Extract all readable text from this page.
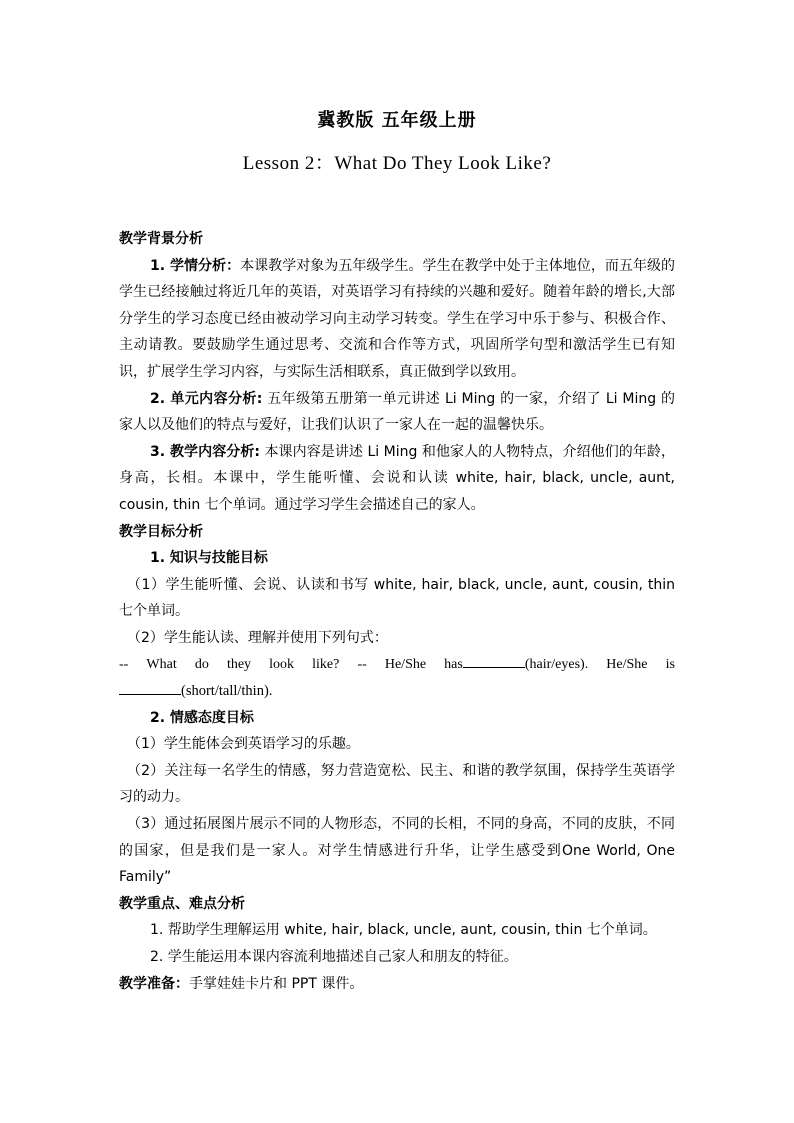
冀教版 五年级上册
Lesson 2：What Do They Look Like?

教学背景分析

1. 学情分析：本课教学对象为五年级学生。学生在教学中处于主体地位，而五年级的学生已经接触过将近几年的英语，对英语学习有持续的兴趣和爱好。随着年龄的增长,大部分学生的学习态度已经由被动学习向主动学习转变。学生在学习中乐于参与、积极合作、主动请教。要鼓励学生通过思考、交流和合作等方式，巩固所学句型和激活学生已有知识，扩展学生学习内容，与实际生活相联系，真正做到学以致用。

2. 单元内容分析: 五年级第五册第一单元讲述 Li Ming 的一家，介绍了 Li Ming 的家人以及他们的特点与爱好，让我们认识了一家人在一起的温馨快乐。

3. 教学内容分析: 本课内容是讲述 Li Ming 和他家人的人物特点，介绍他们的年龄，身高，长相。本课中，学生能听懂、会说和认读 white, hair, black, uncle, aunt, cousin, thin 七个单词。通过学习学生会描述自己的家人。

教学目标分析

1. 知识与技能目标

（1）学生能听懂、会说、认读和书写 white, hair, black, uncle, aunt, cousin, thin 七个单词。

（2）学生能认读、理解并使用下列句式：

-- What do they look like? -- He/She has	(hair/eyes). He/She is

(short/tall/thin).

2. 情感态度目标

（1）学生能体会到英语学习的乐趣。

（2）关注每一名学生的情感，努力营造宽松、民主、和谐的教学氛围，保持学生英语学习的动力。

（3）通过拓展图片展示不同的人物形态，不同的长相，不同的身高，不同的皮肤，不同的国家，但是我们是一家人。对学生情感进行升华，让学生感受到One World, One Family”

教学重点、难点分析

1. 帮助学生理解运用 white, hair, black, uncle, aunt, cousin, thin 七个单词。

2. 学生能运用本课内容流利地描述自己家人和朋友的特征。

教学准备：手掌娃娃卡片和 PPT 课件。
